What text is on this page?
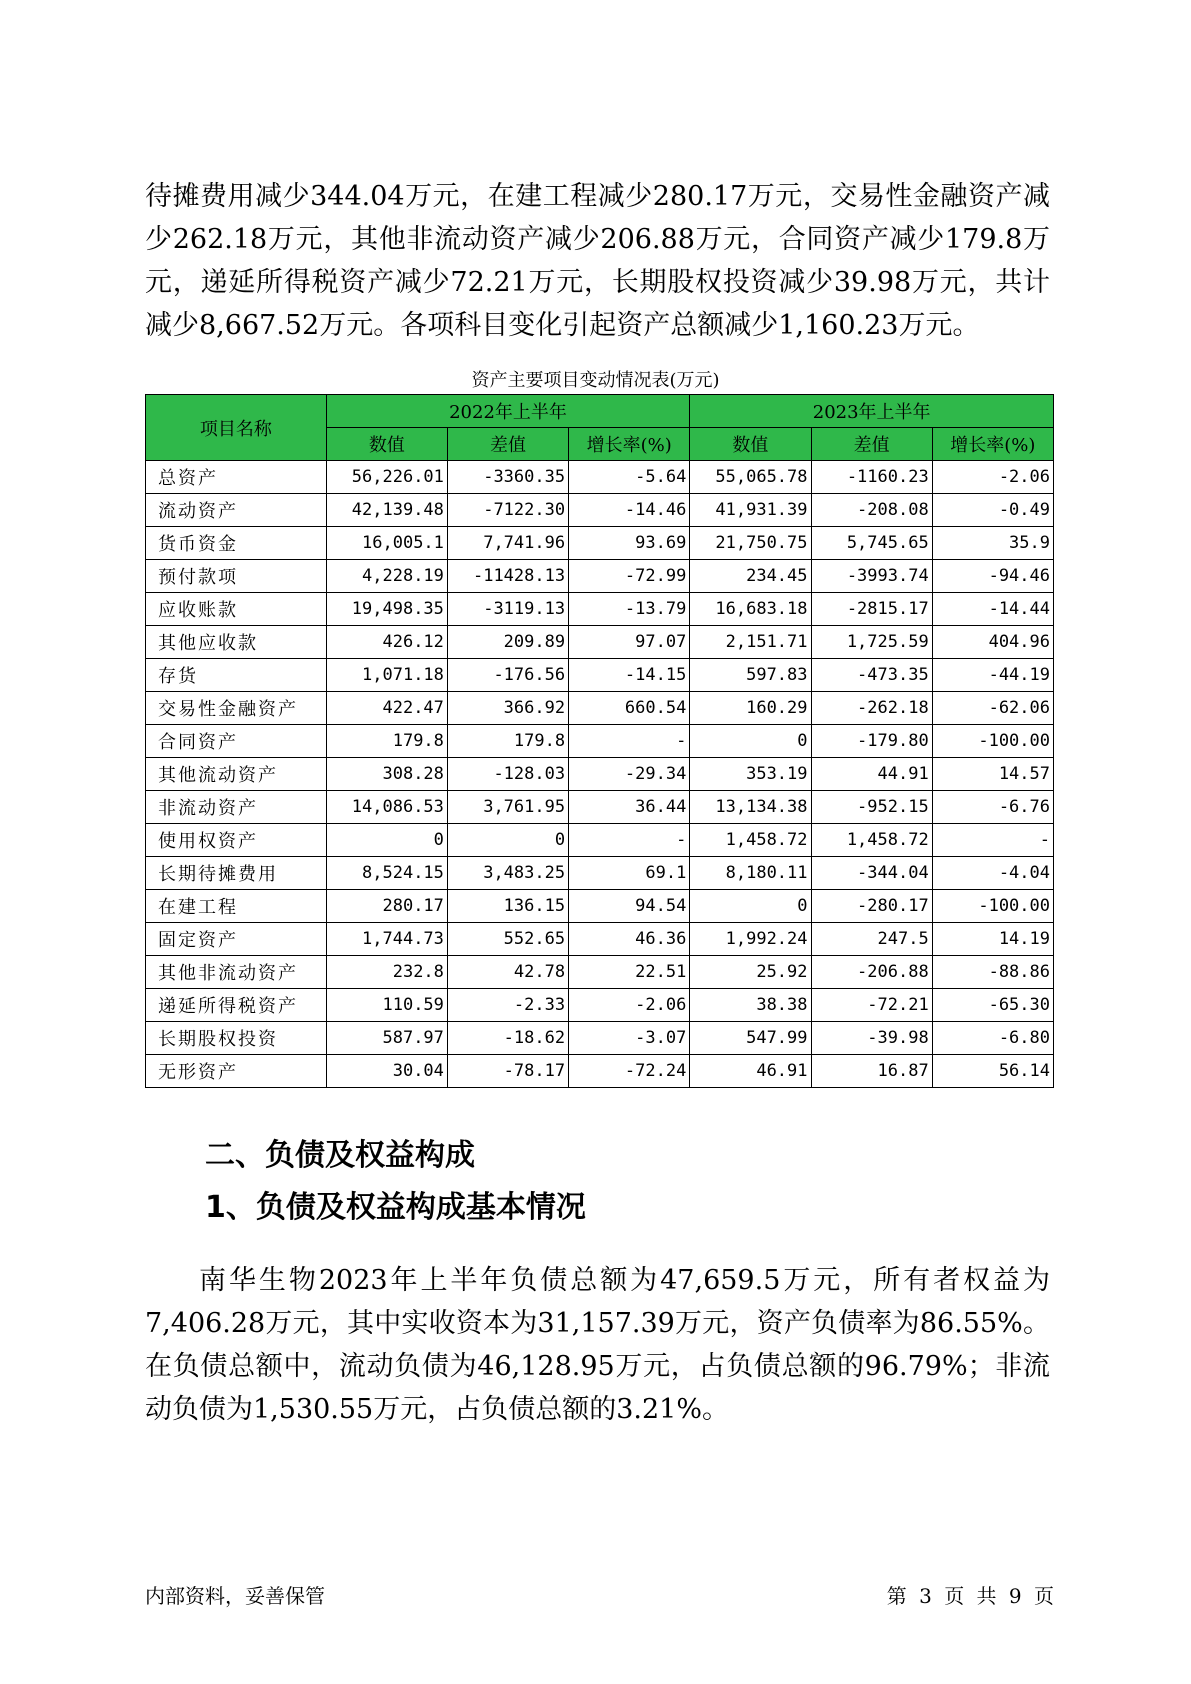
待摊费用减少344.04万元，在建工程减少280.17万元，交易性金融资产减少262.18万元，其他非流动资产减少206.88万元，合同资产减少179.8万元，递延所得税资产减少72.21万元，长期股权投资减少39.98万元，共计减少8,667.52万元。各项科目变化引起资产总额减少1,160.23万元。

资产主要项目变动情况表(万元)
项目名称	2022年上半年			2023年上半年		
	数值	差值	增长率(%)	数值	差值	增长率(%)
总资产	56,226.01	-3360.35	-5.64	55,065.78	-1160.23	-2.06
流动资产	42,139.48	-7122.30	-14.46	41,931.39	-208.08	-0.49
货币资金	16,005.1	7,741.96	93.69	21,750.75	5,745.65	35.9
预付款项	4,228.19	-11428.13	-72.99	234.45	-3993.74	-94.46
应收账款	19,498.35	-3119.13	-13.79	16,683.18	-2815.17	-14.44
其他应收款	426.12	209.89	97.07	2,151.71	1,725.59	404.96
存货	1,071.18	-176.56	-14.15	597.83	-473.35	-44.19
交易性金融资产	422.47	366.92	660.54	160.29	-262.18	-62.06
合同资产	179.8	179.8	-	0	-179.80	-100.00
其他流动资产	308.28	-128.03	-29.34	353.19	44.91	14.57
非流动资产	14,086.53	3,761.95	36.44	13,134.38	-952.15	-6.76
使用权资产	0	0	-	1,458.72	1,458.72	-
长期待摊费用	8,524.15	3,483.25	69.1	8,180.11	-344.04	-4.04
在建工程	280.17	136.15	94.54	0	-280.17	-100.00
固定资产	1,744.73	552.65	46.36	1,992.24	247.5	14.19
其他非流动资产	232.8	42.78	22.51	25.92	-206.88	-88.86
递延所得税资产	110.59	-2.33	-2.06	38.38	-72.21	-65.30
长期股权投资	587.97	-18.62	-3.07	547.99	-39.98	-6.80
无形资产	30.04	-78.17	-72.24	46.91	16.87	56.14
二、负债及权益构成
1、负债及权益构成基本情况

南华生物2023年上半年负债总额为47,659.5万元，所有者权益为7,406.28万元，其中实收资本为31,157.39万元，资产负债率为86.55%。在负债总额中，流动负债为46,128.95万元，占负债总额的96.79%；非流动负债为1,530.55万元，占负债总额的3.21%。

内部资料，妥善保管	第 3 页 共 9 页
